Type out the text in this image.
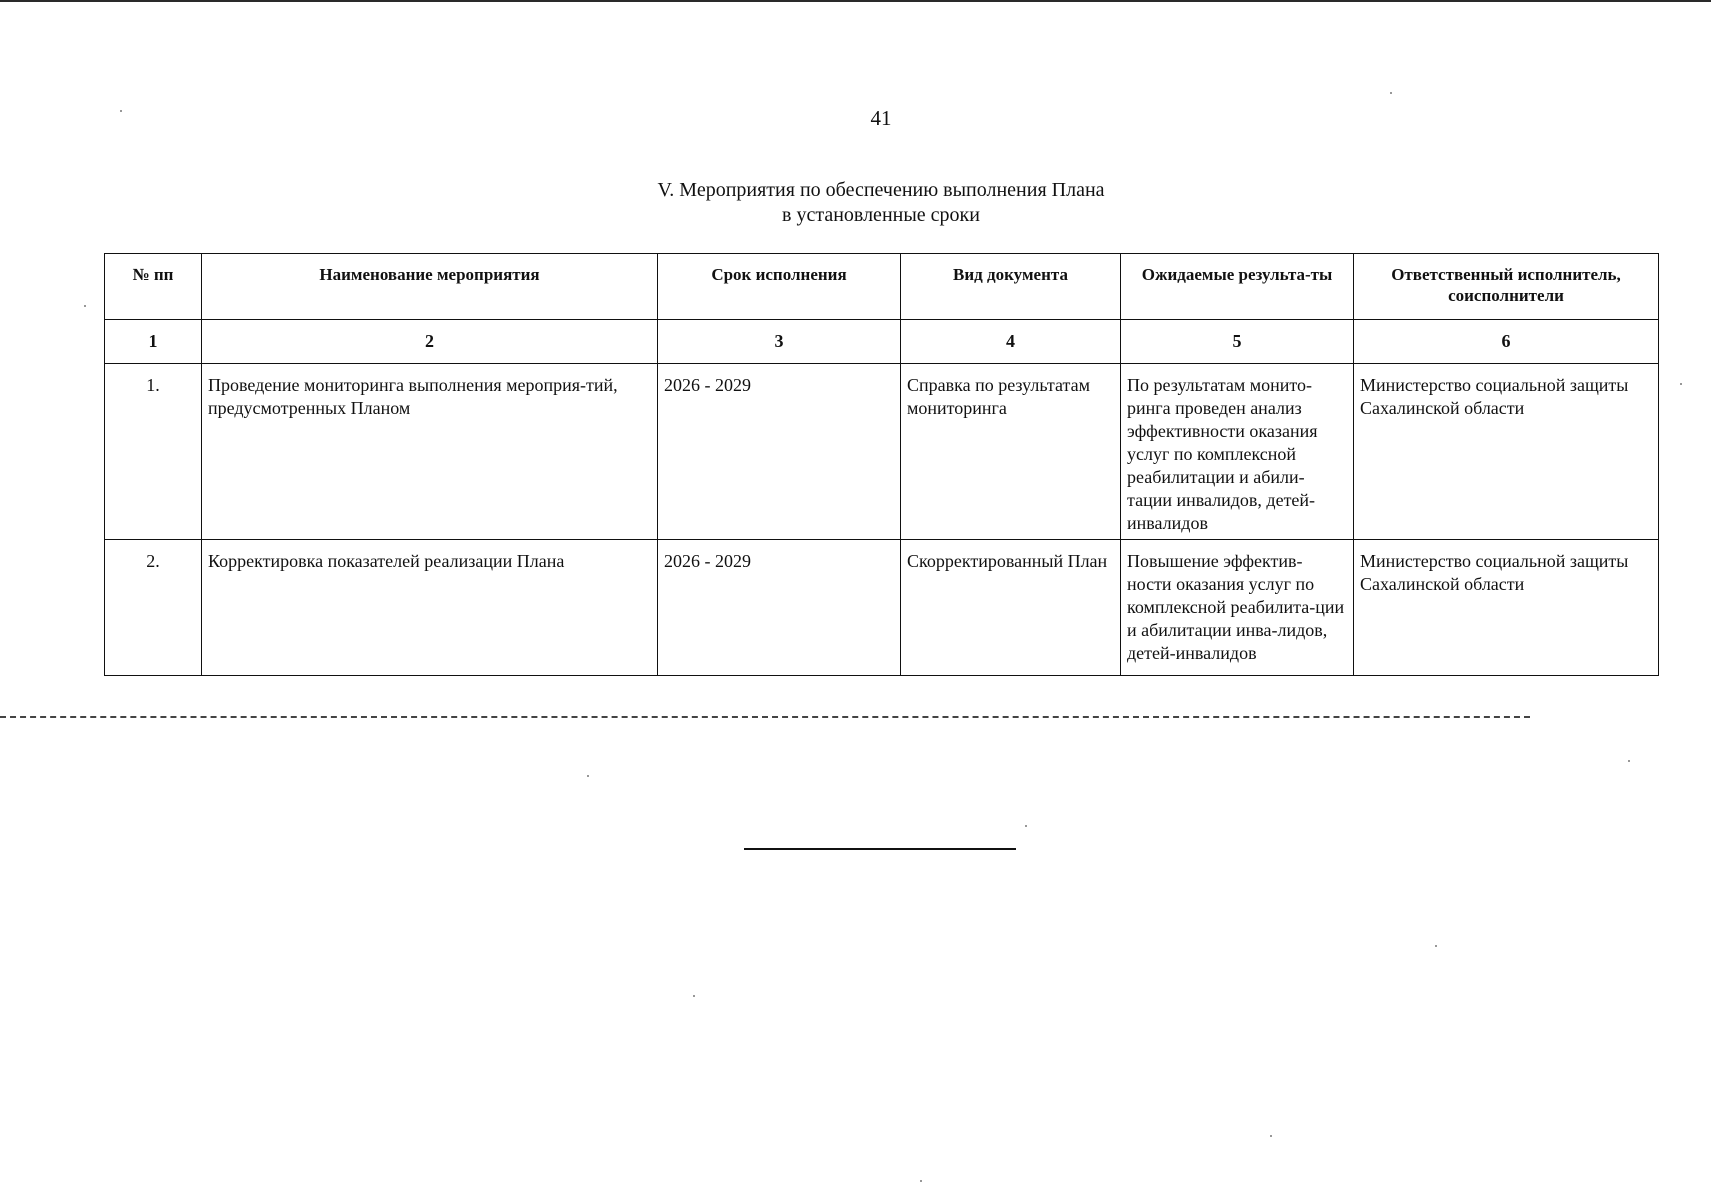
41
V. Мероприятия по обеспечению выполнения Плана
в установленные сроки
№ пп	Наименование мероприятия	Срок исполнения	Вид документа	Ожидаемые результа-ты	Ответственный исполнитель, соисполнители
1	2	3	4	5	6
1.	Проведение мониторинга выполнения мероприя-тий, предусмотренных Планом	2026 - 2029	Справка по результатам мониторинга	По результатам монито-ринга проведен анализ эффективности оказания услуг по комплексной реабилитации и абили-тации инвалидов, детей-инвалидов	Министерство социальной защиты Сахалинской области
2.	Корректировка показателей реализации Плана	2026 - 2029	Скорректированный План	Повышение эффектив-ности оказания услуг по комплексной реабилита-ции и абилитации инва-лидов, детей-инвалидов	Министерство социальной защиты Сахалинской области
